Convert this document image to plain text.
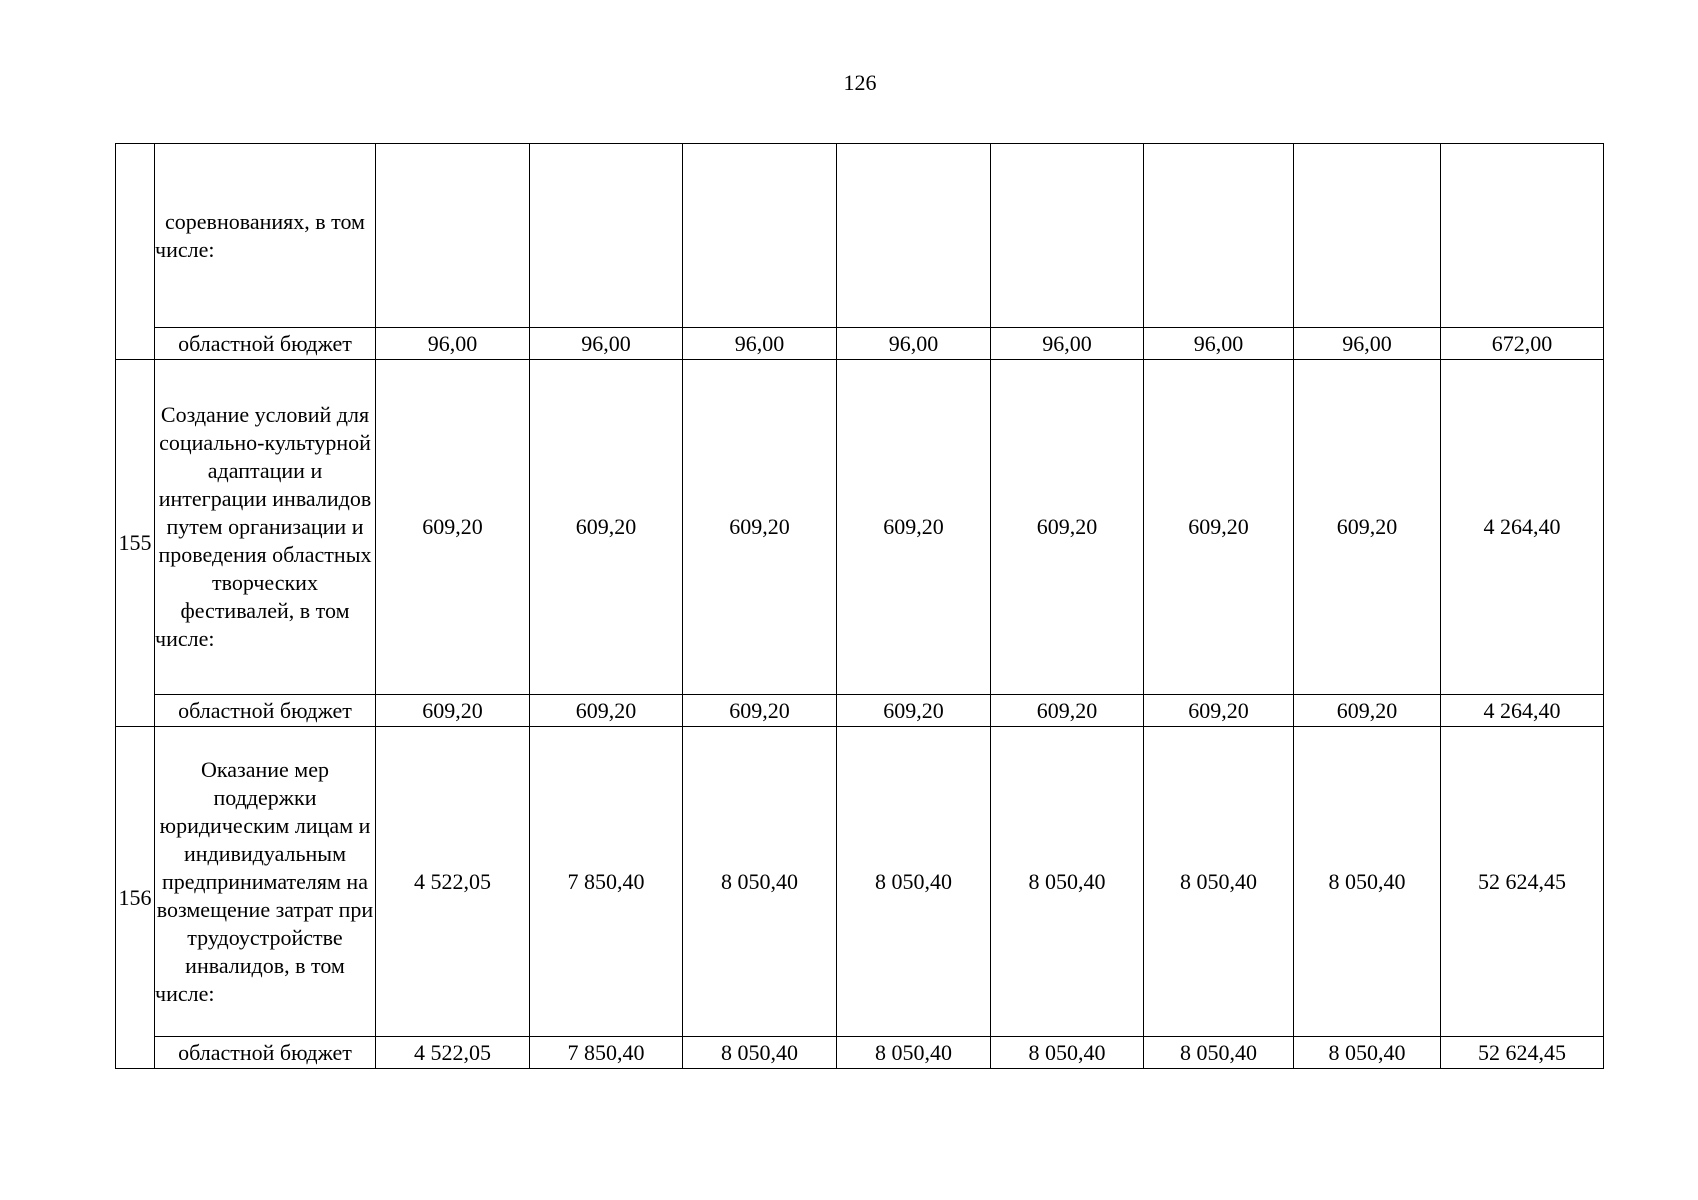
126
	соревнованиях, в том числе:								
	областной бюджет	96,00	96,00	96,00	96,00	96,00	96,00	96,00	672,00
155	Создание условий для социально-культурной адаптации и интеграции инвалидов путем организации и проведения областных творческих фестивалей, в том числе:	609,20	609,20	609,20	609,20	609,20	609,20	609,20	4 264,40
	областной бюджет	609,20	609,20	609,20	609,20	609,20	609,20	609,20	4 264,40
156	Оказание мер поддержки юридическим лицам и индивидуальным предпринимателям на возмещение затрат при трудоустройстве инвалидов, в том числе:	4 522,05	7 850,40	8 050,40	8 050,40	8 050,40	8 050,40	8 050,40	52 624,45
	областной бюджет	4 522,05	7 850,40	8 050,40	8 050,40	8 050,40	8 050,40	8 050,40	52 624,45
